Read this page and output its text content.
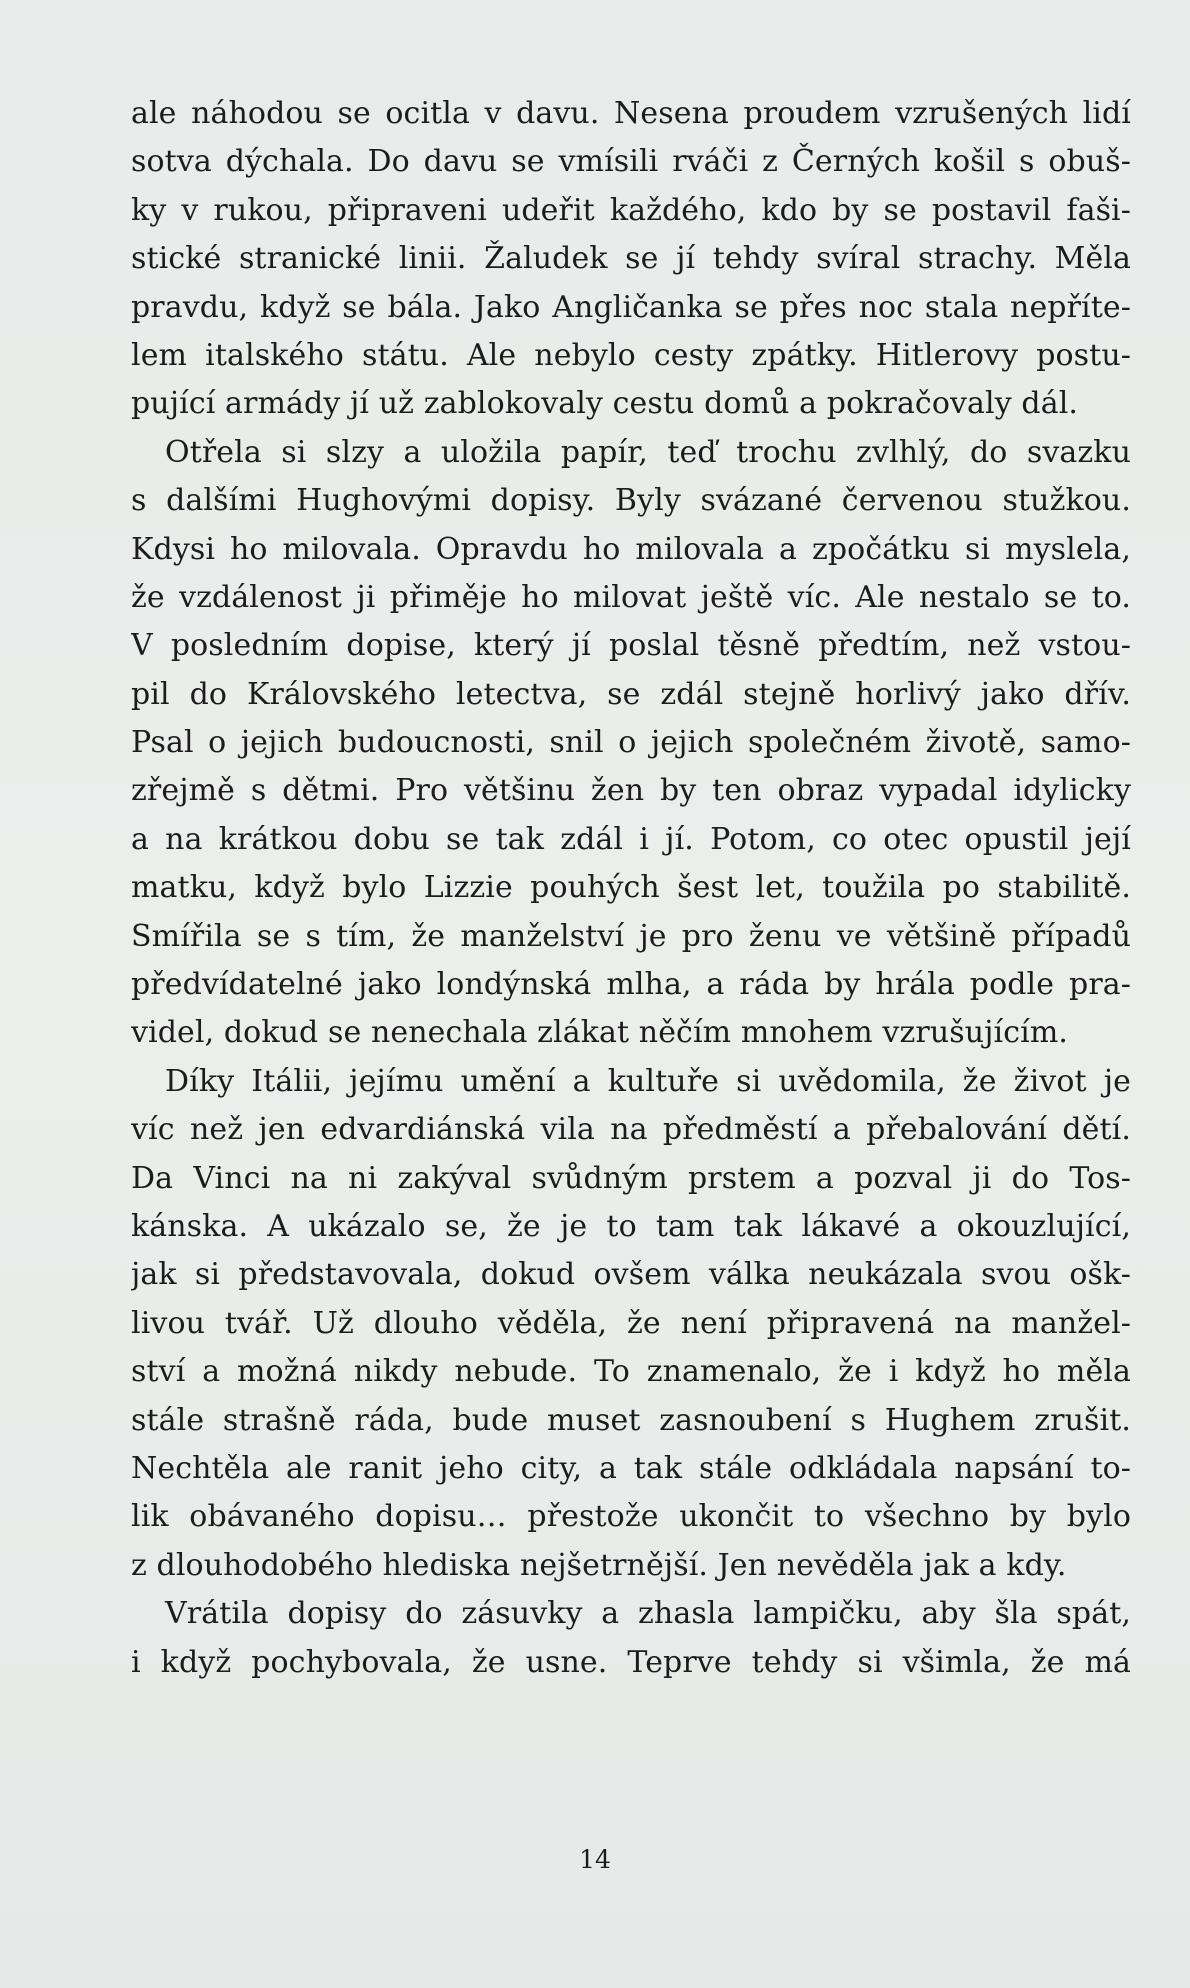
ale náhodou se ocitla v davu. Nesena proudem vzrušených lidí
sotva dýchala. Do davu se vmísili rváči z Černých košil s obuš-
ky v rukou, připraveni udeřit každého, kdo by se postavil faši-
stické stranické linii. Žaludek se jí tehdy svíral strachy. Měla
pravdu, když se bála. Jako Angličanka se přes noc stala nepříte-
lem italského státu. Ale nebylo cesty zpátky. Hitlerovy postu-
pující armády jí už zablokovaly cestu domů a pokračovaly dál.
Otřela si slzy a uložila papír, teď trochu zvlhlý, do svazku
s dalšími Hughovými dopisy. Byly svázané červenou stužkou.
Kdysi ho milovala. Opravdu ho milovala a zpočátku si myslela,
že vzdálenost ji přiměje ho milovat ještě víc. Ale nestalo se to.
V posledním dopise, který jí poslal těsně předtím, než vstou-
pil do Královského letectva, se zdál stejně horlivý jako dřív.
Psal o jejich budoucnosti, snil o jejich společném životě, samo-
zřejmě s dětmi. Pro většinu žen by ten obraz vypadal idylicky
a na krátkou dobu se tak zdál i jí. Potom, co otec opustil její
matku, když bylo Lizzie pouhých šest let, toužila po stabilitě.
Smířila se s tím, že manželství je pro ženu ve většině případů
předvídatelné jako londýnská mlha, a ráda by hrála podle pra-
videl, dokud se nenechala zlákat něčím mnohem vzrušujícím.
Díky Itálii, jejímu umění a kultuře si uvědomila, že život je
víc než jen edvardiánská vila na předměstí a přebalování dětí.
Da Vinci na ni zakýval svůdným prstem a pozval ji do Tos-
kánska. A ukázalo se, že je to tam tak lákavé a okouzlující,
jak si představovala, dokud ovšem válka neukázala svou ošk-
livou tvář. Už dlouho věděla, že není připravená na manžel-
ství a možná nikdy nebude. To znamenalo, že i když ho měla
stále strašně ráda, bude muset zasnoubení s Hughem zrušit.
Nechtěla ale ranit jeho city, a tak stále odkládala napsání to-
lik obávaného dopisu… přestože ukončit to všechno by bylo
z dlouhodobého hlediska nejšetrnější. Jen nevěděla jak a kdy.
Vrátila dopisy do zásuvky a zhasla lampičku, aby šla spát,
i když pochybovala, že usne. Teprve tehdy si všimla, že má
14
